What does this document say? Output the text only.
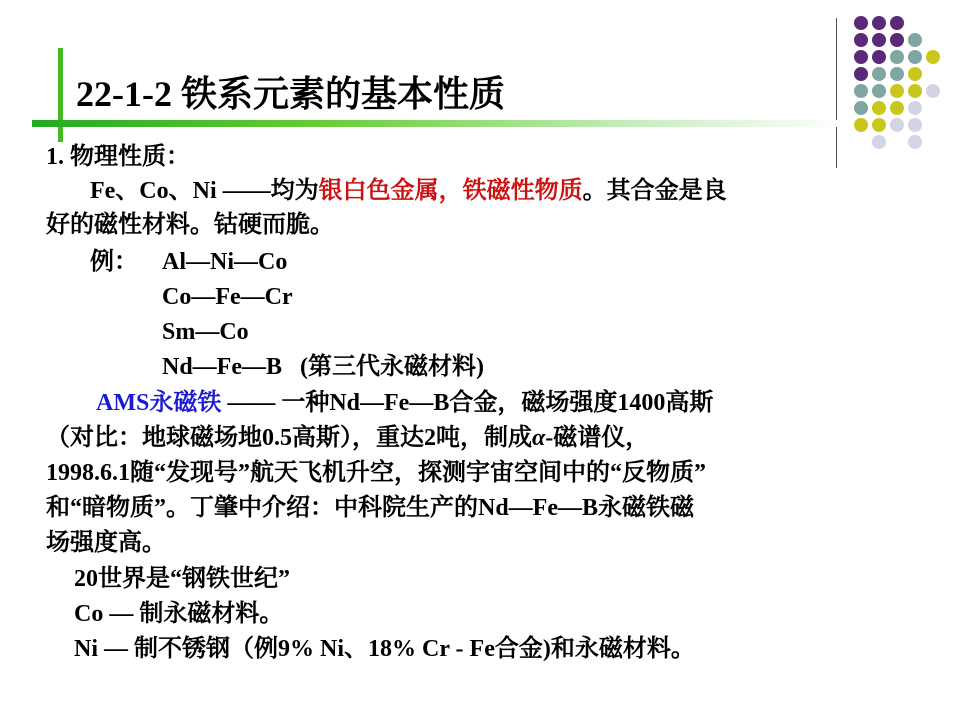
22-1-2 铁系元素的基本性质
1. 物理性质：
Fe、Co、Ni ——均为银白色金属，铁磁性物质。其合金是良
好的磁性材料。钴硬而脆。
例： Al—Ni—Co
Co—Fe—Cr
Sm—Co
Nd—Fe—B   (第三代永磁材料)
AMS永磁铁 —— 一种Nd—Fe—B合金，磁场强度1400高斯
（对比：地球磁场地0.5高斯），重达2吨，制成α-磁谱仪，
1998.6.1随“发现号”航天飞机升空，探测宇宙空间中的“反物质”
和“暗物质”。丁肇中介绍：中科院生产的Nd—Fe—B永磁铁磁
场强度高。
20世界是“钢铁世纪”
Co — 制永磁材料。
Ni — 制不锈钢（例9% Ni、18% Cr - Fe合金)和永磁材料。
